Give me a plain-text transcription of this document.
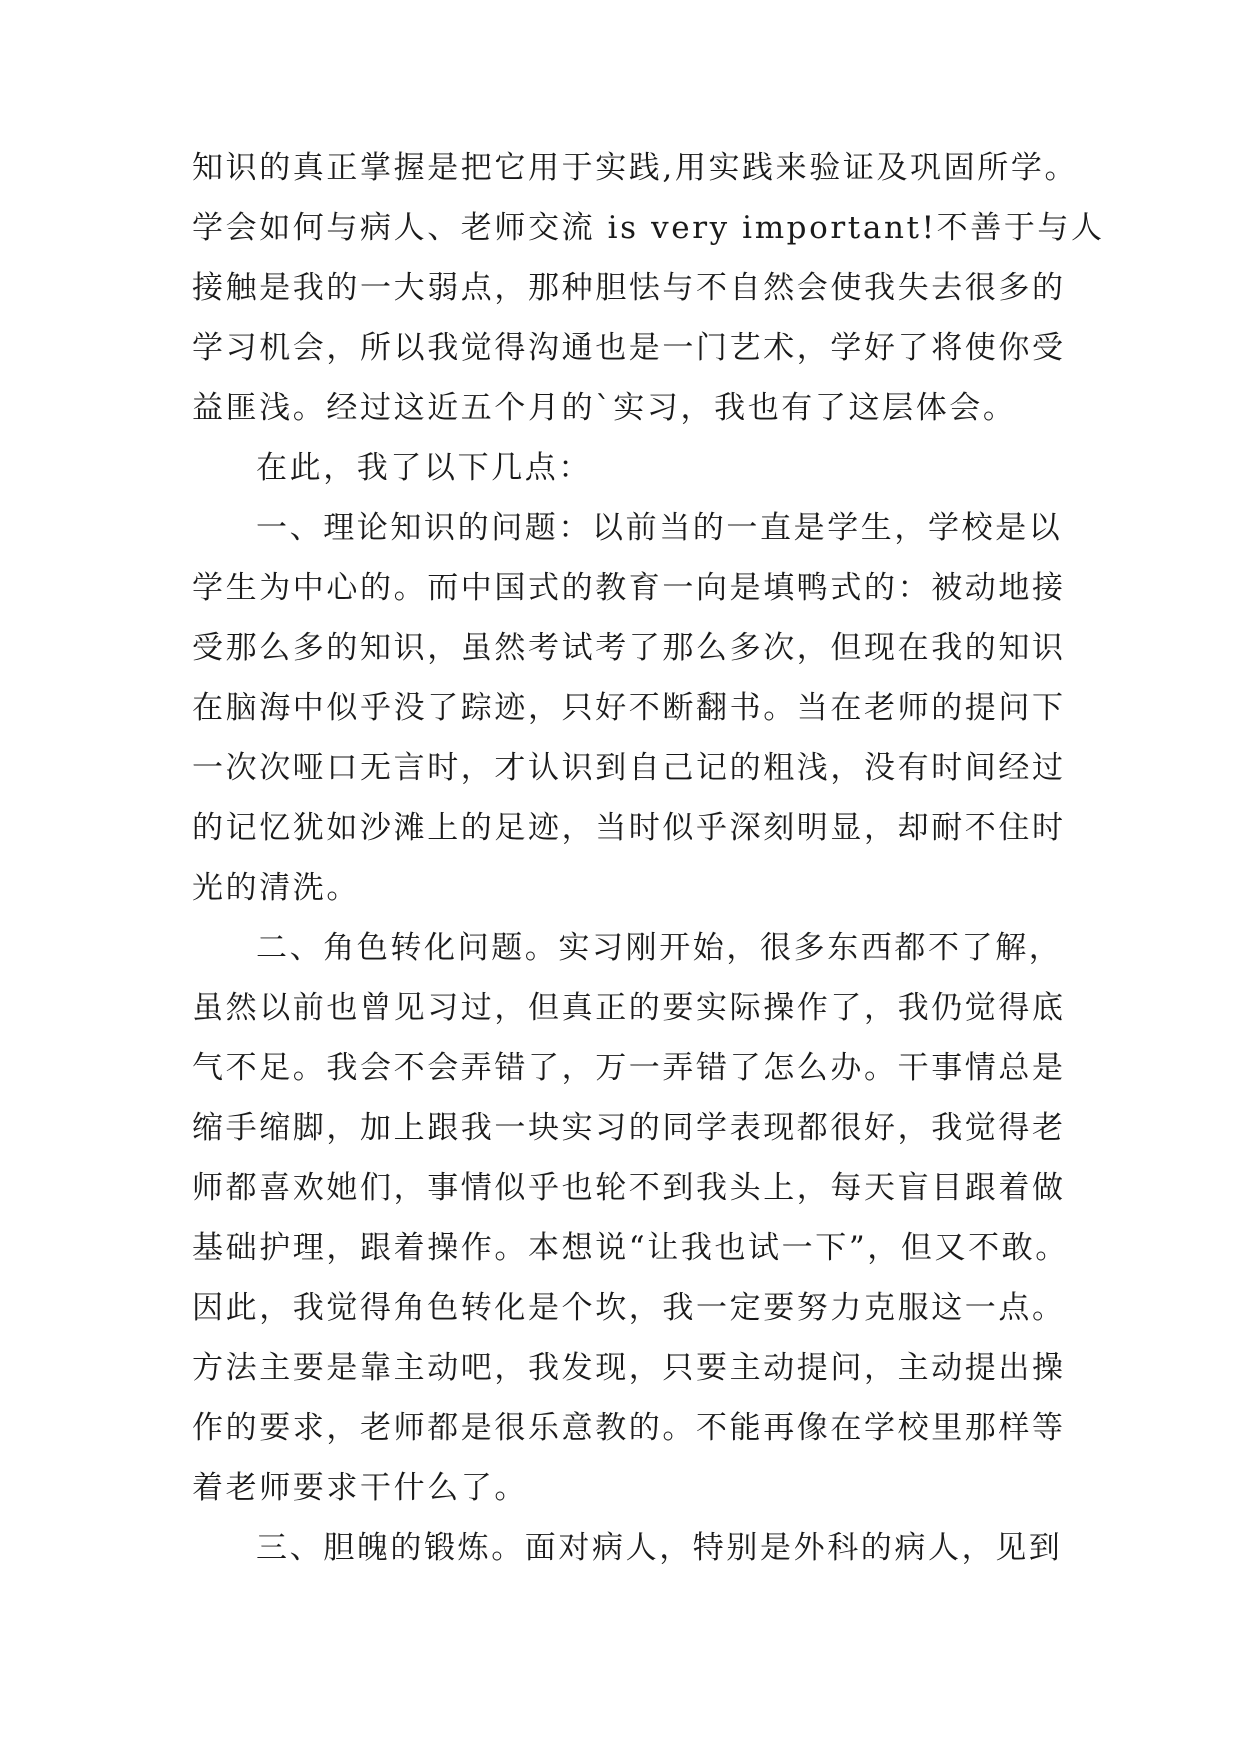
知识的真正掌握是把它用于实践,用实践来验证及巩固所学。
学会如何与病人、老师交流 is very important!不善于与人
接触是我的一大弱点，那种胆怯与不自然会使我失去很多的
学习机会，所以我觉得沟通也是一门艺术，学好了将使你受
益匪浅。经过这近五个月的`实习，我也有了这层体会。
在此，我了以下几点：
一、理论知识的问题：以前当的一直是学生，学校是以
学生为中心的。而中国式的教育一向是填鸭式的：被动地接
受那么多的知识，虽然考试考了那么多次，但现在我的知识
在脑海中似乎没了踪迹，只好不断翻书。当在老师的提问下
一次次哑口无言时，才认识到自己记的粗浅，没有时间经过
的记忆犹如沙滩上的足迹，当时似乎深刻明显，却耐不住时
光的清洗。
二、角色转化问题。实习刚开始，很多东西都不了解，
虽然以前也曾见习过，但真正的要实际操作了，我仍觉得底
气不足。我会不会弄错了，万一弄错了怎么办。干事情总是
缩手缩脚，加上跟我一块实习的同学表现都很好，我觉得老
师都喜欢她们，事情似乎也轮不到我头上，每天盲目跟着做
基础护理，跟着操作。本想说“让我也试一下”，但又不敢。
因此，我觉得角色转化是个坎，我一定要努力克服这一点。
方法主要是靠主动吧，我发现，只要主动提问，主动提出操
作的要求，老师都是很乐意教的。不能再像在学校里那样等
着老师要求干什么了。
三、胆魄的锻炼。面对病人，特别是外科的病人，见到
